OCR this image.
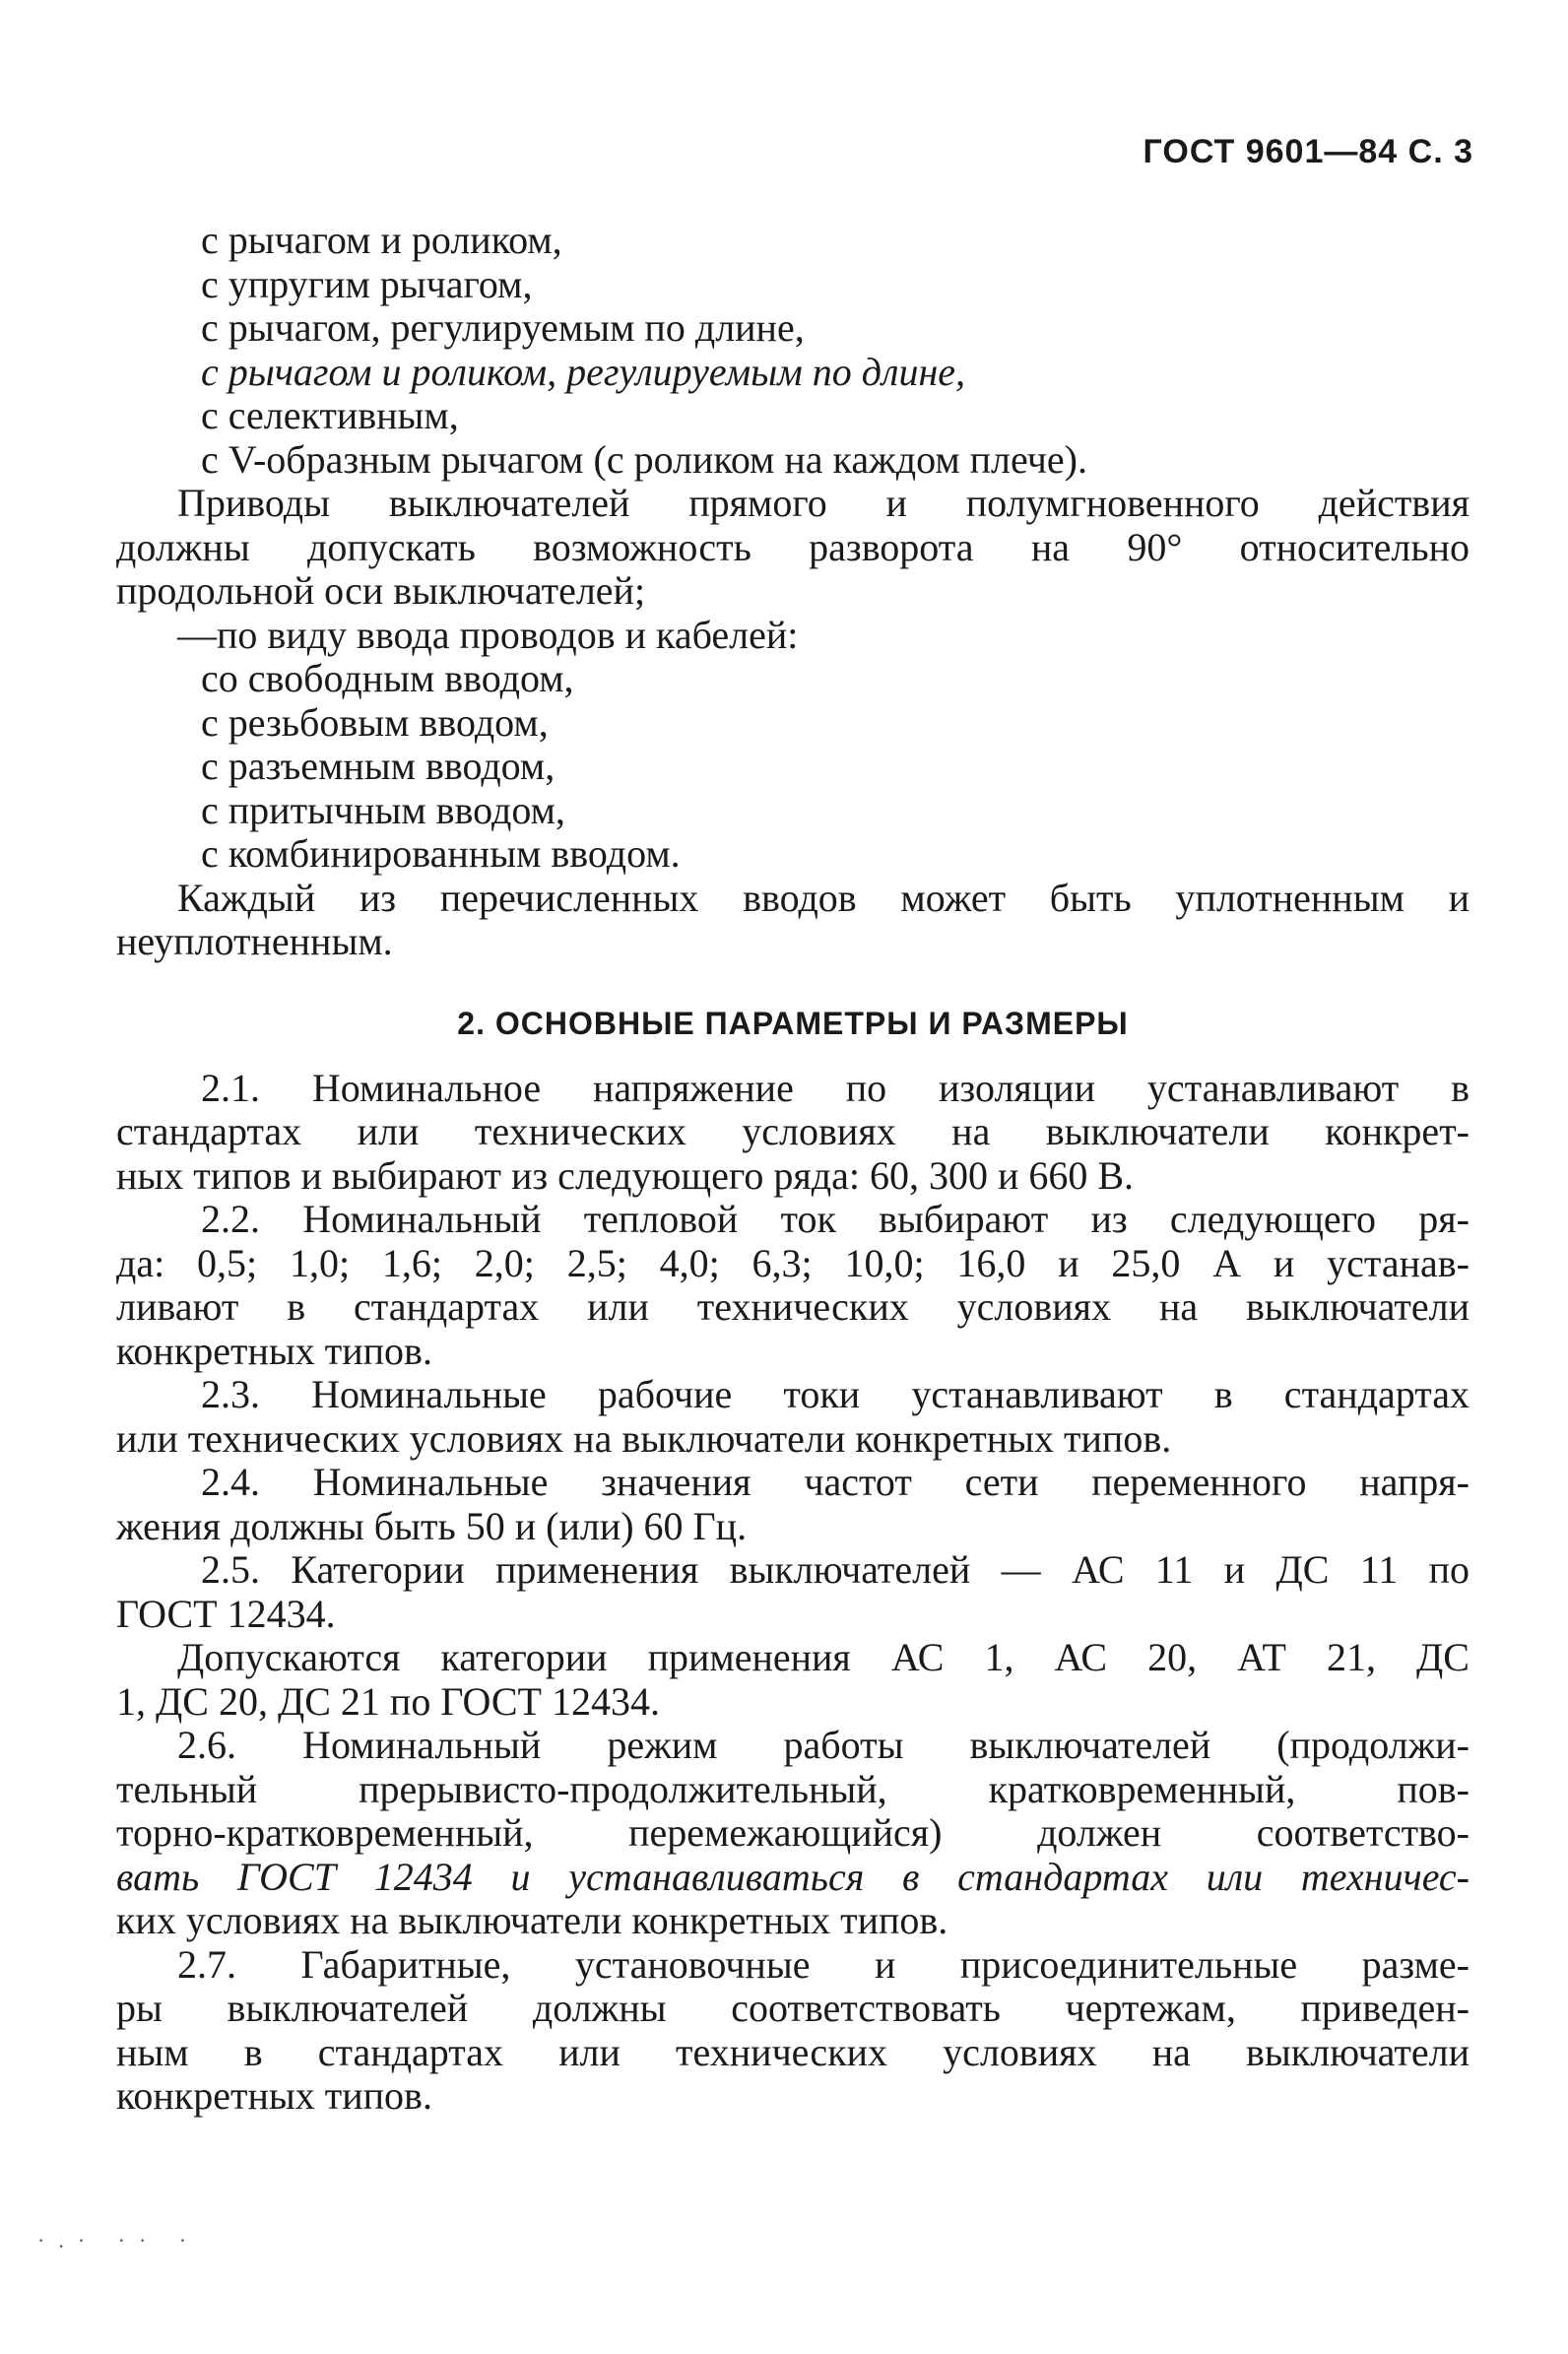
ГОСТ 9601—84 С. 3
с рычагом и роликом,
с упругим рычагом,
с рычагом, регулируемым по длине,
с рычагом и роликом, регулируемым по длине,
с селективным,
с V-образным рычагом (с роликом на каждом плече).
Приводы выключателей прямого и полумгновенного действия
должны допускать возможность разворота на 90° относительно
продольной оси выключателей;
—по виду ввода проводов и кабелей:
со свободным вводом,
с резьбовым вводом,
с разъемным вводом,
с притычным вводом,
с комбинированным вводом.
Каждый из перечисленных вводов может быть уплотненным и
неуплотненным.
2. ОСНОВНЫЕ ПАРАМЕТРЫ И РАЗМЕРЫ
2.1. Номинальное напряжение по изоляции устанавливают в
стандартах или технических условиях на выключатели конкрет-
ных типов и выбирают из следующего ряда: 60, 300 и 660 В.
2.2. Номинальный тепловой ток выбирают из следующего ря-
да: 0,5; 1,0; 1,6; 2,0; 2,5; 4,0; 6,3; 10,0; 16,0 и 25,0 А и устанав-
ливают в стандартах или технических условиях на выключатели
конкретных типов.
2.3. Номинальные рабочие токи устанавливают в стандартах
или технических условиях на выключатели конкретных типов.
2.4. Номинальные значения частот сети переменного напря-
жения должны быть 50 и (или) 60 Гц.
2.5. Категории применения выключателей — АС 11 и ДС 11 по
ГОСТ 12434.
Допускаются категории применения АС 1, АС 20, АТ 21, ДС
1, ДС 20, ДС 21 по ГОСТ 12434.
2.6. Номинальный режим работы выключателей (продолжи-
тельный прерывисто-продолжительный, кратковременный, пов-
торно-кратковременный, перемежающийся) должен соответство-
вать ГОСТ 12434 и устанавливаться в стандартах или техничес-
ких условиях на выключатели конкретных типов.
2.7. Габаритные, установочные и присоединительные разме-
ры выключателей должны соответствовать чертежам, приведен-
ным в стандартах или технических условиях на выключатели
конкретных типов.
·.· ·· ·
